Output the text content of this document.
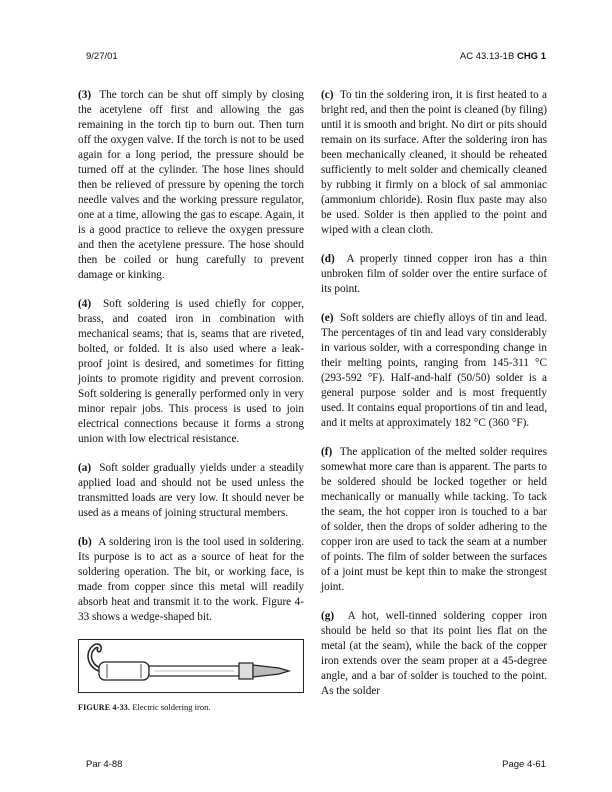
9/27/01	AC 43.13-1B CHG 1

(3) The torch can be shut off simply by closing the acetylene off first and allowing the gas remaining in the torch tip to burn out. Then turn off the oxygen valve. If the torch is not to be used again for a long period, the pressure should be turned off at the cylinder. The hose lines should then be relieved of pressure by opening the torch needle valves and the working pressure regulator, one at a time, allowing the gas to escape. Again, it is a good practice to relieve the oxygen pressure and then the acetylene pressure. The hose should then be coiled or hung carefully to prevent damage or kinking.

(4) Soft soldering is used chiefly for copper, brass, and coated iron in combination with mechanical seams; that is, seams that are riveted, bolted, or folded. It is also used where a leak-proof joint is desired, and sometimes for fitting joints to promote rigidity and prevent corrosion. Soft soldering is generally performed only in very minor repair jobs. This process is used to join electrical connections because it forms a strong union with low electrical resistance.

(a) Soft solder gradually yields under a steadily applied load and should not be used unless the transmitted loads are very low. It should never be used as a means of joining structural members.

(b) A soldering iron is the tool used in soldering. Its purpose is to act as a source of heat for the soldering operation. The bit, or working face, is made from copper since this metal will readily absorb heat and transmit it to the work. Figure 4-33 shows a wedge-shaped bit.

FIGURE 4-33. Electric soldering iron.

(c) To tin the soldering iron, it is first heated to a bright red, and then the point is cleaned (by filing) until it is smooth and bright. No dirt or pits should remain on its surface. After the soldering iron has been mechanically cleaned, it should be reheated sufficiently to melt solder and chemically cleaned by rubbing it firmly on a block of sal ammoniac (ammonium chloride). Rosin flux paste may also be used. Solder is then applied to the point and wiped with a clean cloth.

(d) A properly tinned copper iron has a thin unbroken film of solder over the entire surface of its point.

(e) Soft solders are chiefly alloys of tin and lead. The percentages of tin and lead vary considerably in various solder, with a corresponding change in their melting points, ranging from 145-311 °C (293-592 °F). Half-and-half (50/50) solder is a general purpose solder and is most frequently used. It contains equal proportions of tin and lead, and it melts at approximately 182 °C (360 °F).

(f) The application of the melted solder requires somewhat more care than is apparent. The parts to be soldered should be locked together or held mechanically or manually while tacking. To tack the seam, the hot copper iron is touched to a bar of solder, then the drops of solder adhering to the copper iron are used to tack the seam at a number of points. The film of solder between the surfaces of a joint must be kept thin to make the strongest joint.

(g) A hot, well-tinned soldering copper iron should be held so that its point lies flat on the metal (at the seam), while the back of the copper iron extends over the seam proper at a 45-degree angle, and a bar of solder is touched to the point. As the solder

Par 4-88	Page 4-61
